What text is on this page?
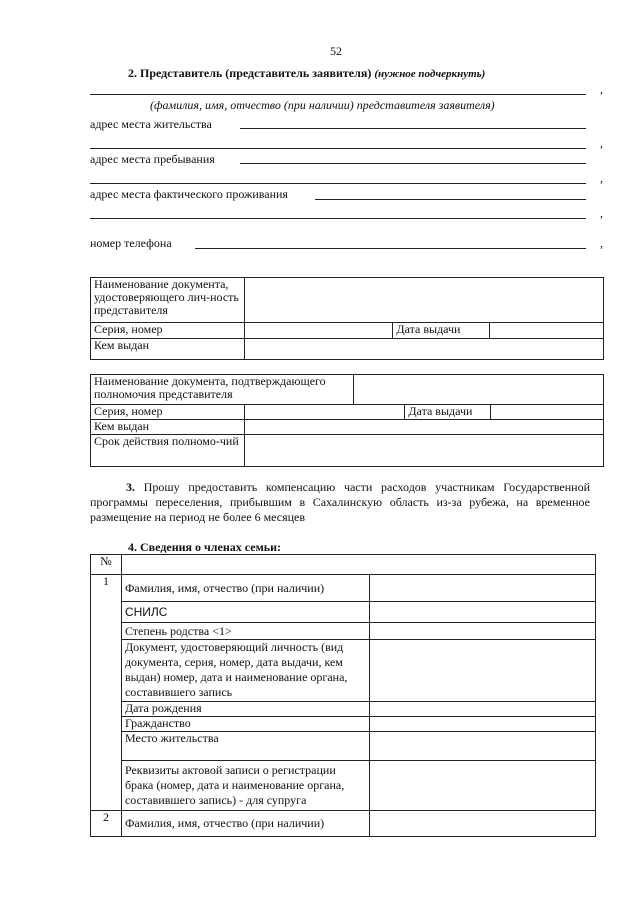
52
2. Представитель (представитель заявителя) (нужное подчеркнуть)
,
(фамилия, имя, отчество (при наличии) представителя заявителя)
адрес места жительства
,
адрес места пребывания
,
адрес места фактического проживания
,
номер телефона	,
Наименование документа, удостоверяющего лич-ность представителя			
Серия, номер		Дата выдачи	
Кем выдан			
Наименование документа, подтверждающего полномочия представителя				
Серия, номер			Дата выдачи	
Кем выдан				
Срок действия полномо-чий				
3. Прошу предоставить компенсацию части расходов участникам Государственной программы переселения, прибывшим в Сахалинскую область из-за рубежа, на временное размещение на период не более 6 месяцев
4. Сведения о членах семьи:
№		
1	Фамилия, имя, отчество (при наличии)	
	СНИЛС	
	Степень родства <1>	
	Документ, удостоверяющий личность (вид документа, серия, номер, дата выдачи, кем выдан) номер, дата и наименование органа, составившего запись	
	Дата рождения	
	Гражданство	
	Место жительства	
	Реквизиты актовой записи о регистрации брака (номер, дата и наименование органа, составившего запись) - для супруга	
2	Фамилия, имя, отчество (при наличии)	
